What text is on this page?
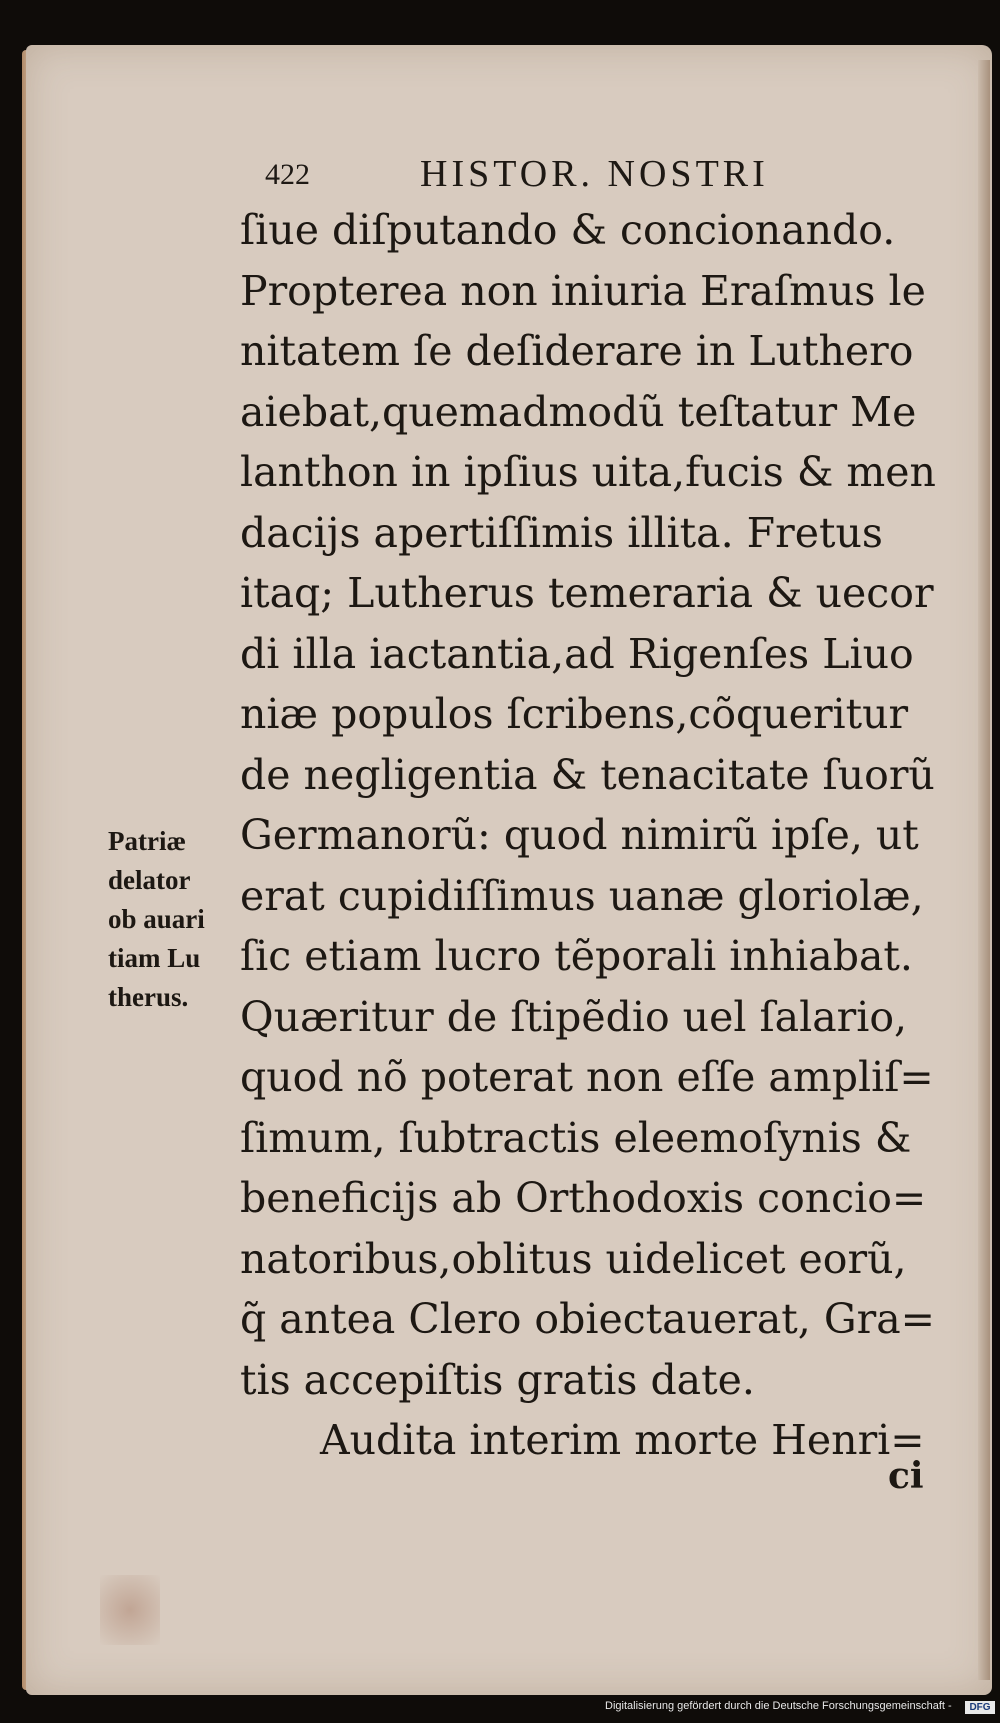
422	HISTOR. NOSTRI
ſiue diſputando & concionando.
Propterea non iniuria Eraſmus le
nitatem ſe deſiderare in Luthero
aiebat,quemadmodũ teſtatur Me
lanthon in ipſius uita,fucis & men
dacijs apertiſſimis illita. Fretus
itaq; Lutherus temeraria & uecor
di illa iactantia,ad Rigenſes Liuo
niæ populos ſcribens,cõqueritur
de negligentia & tenacitate ſuorũ
Germanorũ: quod nimirũ ipſe, ut
erat cupidiſſimus uanæ gloriolæ,
ſic etiam lucro tẽporali inhiabat.
Quæritur de ſtipẽdio uel ſalario,
quod nõ poterat non eſſe ampliſ=
ſimum, ſubtractis eleemoſynis &
beneficijs ab Orthodoxis concio=
natoribus,oblitus uidelicet eorũ,
q̃ antea Clero obiectauerat, Gra=
tis accepiſtis gratis date.
Audita interim morte Henri=
ci
Patriæ
delator
ob auari
tiam Lu
therus.
Digitalisierung gefördert durch die Deutsche Forschungsgemeinschaft -	DFG
